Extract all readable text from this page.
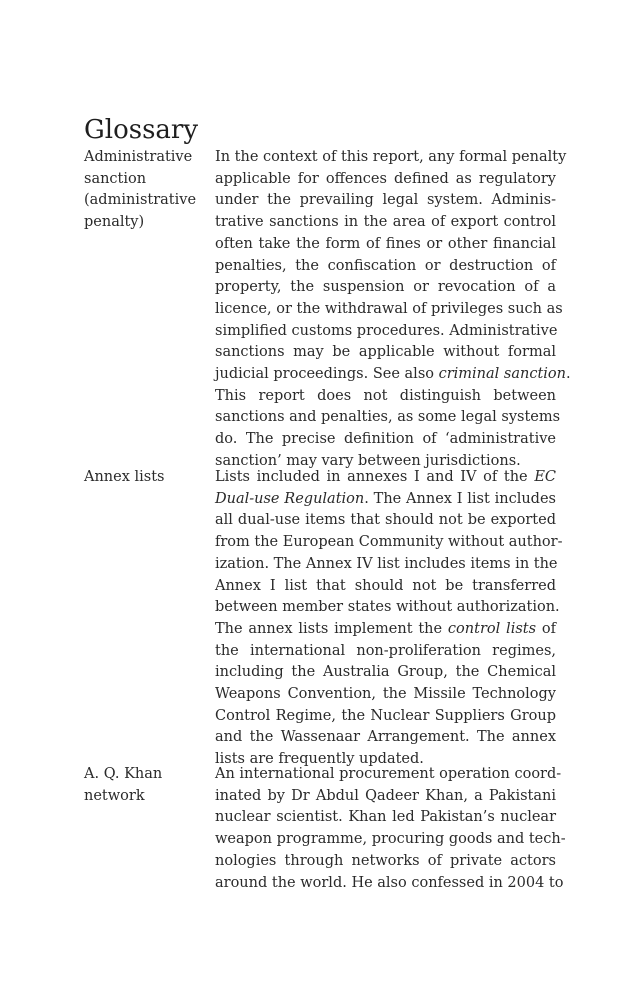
Glossary
Administrative
sanction
(administrative
penalty)
In the context of this report, any formal penalty
applicable for offences defined as regulatory
under the prevailing legal system. Adminis-
trative sanctions in the area of export control
often take the form of fines or other financial
penalties, the confiscation or destruction of
property, the suspension or revocation of a
licence, or the withdrawal of privileges such as
simplified customs procedures. Administrative
sanctions may be applicable without formal
judicial proceedings. See also criminal sanction.
This report does not distinguish between
sanctions and penalties, as some legal systems
do. The precise definition of ‘administrative
sanction’ may vary between jurisdictions.
Annex lists	Lists included in annexes I and IV of the EC
Dual-use Regulation. The Annex I list includes
all dual-use items that should not be exported
from the European Community without author-
ization. The Annex IV list includes items in the
Annex I list that should not be transferred
between member states without authorization.
The annex lists implement the control lists of
the international non-proliferation regimes,
including the Australia Group, the Chemical
Weapons Convention, the Missile Technology
Control Regime, the Nuclear Suppliers Group
and the Wassenaar Arrangement. The annex
lists are frequently updated.
A. Q. Khan
network
An international procurement operation coord-
inated by Dr Abdul Qadeer Khan, a Pakistani
nuclear scientist. Khan led Pakistan’s nuclear
weapon programme, procuring goods and tech-
nologies through networks of private actors
around the world. He also confessed in 2004 to
